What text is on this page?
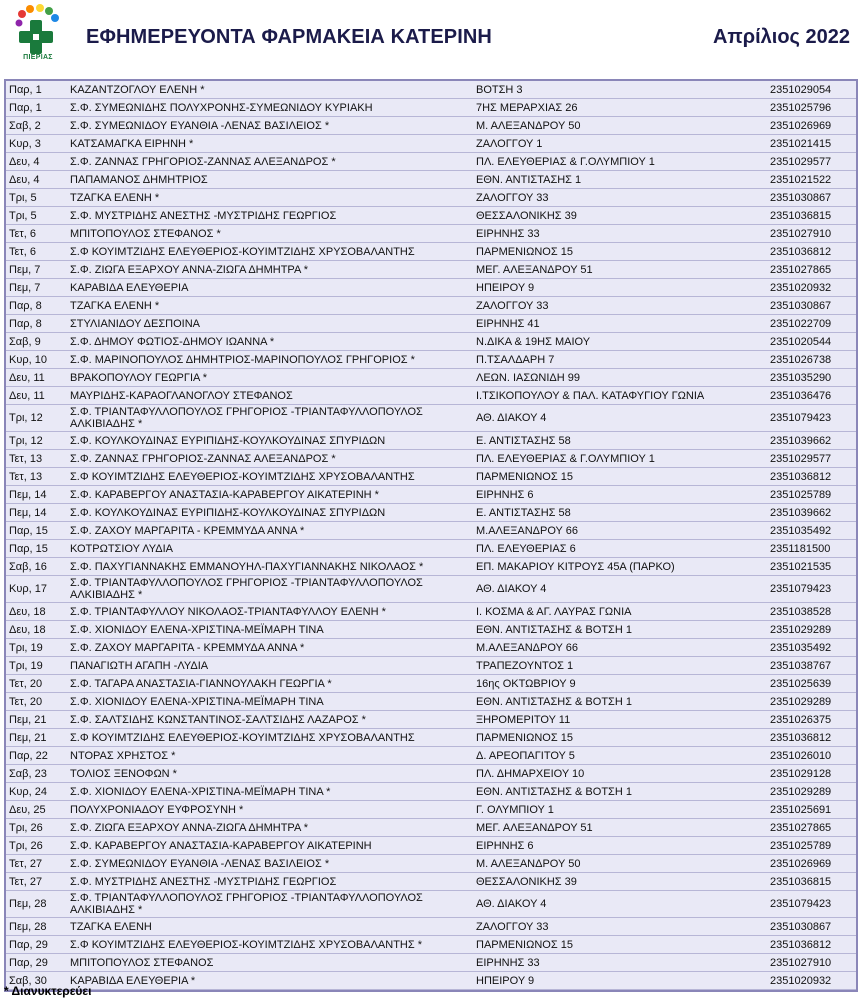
ΠΙΕΡΙΑΣ
ΕΦΗΜΕΡΕΥΟΝΤΑ ΦΑΡΜΑΚΕΙΑ ΚΑΤΕΡΙΝΗ	Απρίλιος 2022
Παρ, 1	ΚΑΖΑΝΤΖΟΓΛΟΥ ΕΛΕΝΗ *	ΒΟΤΣΗ 3	2351029054
Παρ, 1	Σ.Φ. ΣΥΜΕΩΝΙΔΗΣ ΠΟΛΥΧΡΟΝΗΣ-ΣΥΜΕΩΝΙΔΟΥ ΚΥΡΙΑΚΗ	7ΗΣ ΜΕΡΑΡΧΙΑΣ 26	2351025796
Σαβ, 2	Σ.Φ. ΣΥΜΕΩΝΙΔΟΥ ΕΥΑΝΘΙΑ -ΛΕΝΑΣ ΒΑΣΙΛΕΙΟΣ *	Μ. ΑΛΕΞΑΝΔΡΟΥ 50	2351026969
Κυρ, 3	ΚΑΤΣΑΜΑΓΚΑ ΕΙΡΗΝΗ *	ΖΑΛΟΓΓΟΥ 1	2351021415
Δευ, 4	Σ.Φ. ΖΑΝΝΑΣ ΓΡΗΓΟΡΙΟΣ-ΖΑΝΝΑΣ ΑΛΕΞΑΝΔΡΟΣ *	ΠΛ. ΕΛΕΥΘΕΡΙΑΣ & Γ.ΟΛΥΜΠΙΟΥ 1	2351029577
Δευ, 4	ΠΑΠΑΜΑΝΟΣ ΔΗΜΗΤΡΙΟΣ	ΕΘΝ. ΑΝΤΙΣΤΑΣΗΣ 1	2351021522
Τρι, 5	ΤΖΑΓΚΑ ΕΛΕΝΗ *	ΖΑΛΟΓΓΟΥ 33	2351030867
Τρι, 5	Σ.Φ. ΜΥΣΤΡΙΔΗΣ ΑΝΕΣΤΗΣ -ΜΥΣΤΡΙΔΗΣ ΓΕΩΡΓΙΟΣ	ΘΕΣΣΑΛΟΝΙΚΗΣ 39	2351036815
Τετ, 6	ΜΠΙΤΟΠΟΥΛΟΣ ΣΤΕΦΑΝΟΣ *	ΕΙΡΗΝΗΣ 33	2351027910
Τετ, 6	Σ.Φ ΚΟΥΙΜΤΖΙΔΗΣ ΕΛΕΥΘΕΡΙΟΣ-ΚΟΥΙΜΤΖΙΔΗΣ ΧΡΥΣΟΒΑΛΑΝΤΗΣ	ΠΑΡΜΕΝΙΩΝΟΣ 15	2351036812
Πεμ, 7	Σ.Φ. ΖΙΩΓΑ ΕΞΑΡΧΟΥ ΑΝΝΑ-ΖΙΩΓΑ ΔΗΜΗΤΡΑ *	ΜΕΓ. ΑΛΕΞΑΝΔΡΟΥ 51	2351027865
Πεμ, 7	ΚΑΡΑΒΙΔΑ ΕΛΕΥΘΕΡΙΑ	ΗΠΕΙΡΟΥ 9	2351020932
Παρ, 8	ΤΖΑΓΚΑ ΕΛΕΝΗ *	ΖΑΛΟΓΓΟΥ 33	2351030867
Παρ, 8	ΣΤΥΛΙΑΝΙΔΟΥ ΔΕΣΠΟΙΝΑ	ΕΙΡΗΝΗΣ 41	2351022709
Σαβ, 9	Σ.Φ. ΔΗΜΟΥ ΦΩΤΙΟΣ-ΔΗΜΟΥ ΙΩΑΝΝΑ *	Ν.ΔΙΚΑ & 19ΗΣ ΜΑΙΟΥ	2351020544
Κυρ, 10	Σ.Φ. ΜΑΡΙΝΟΠΟΥΛΟΣ ΔΗΜΗΤΡΙΟΣ-ΜΑΡΙΝΟΠΟΥΛΟΣ ΓΡΗΓΟΡΙΟΣ *	Π.ΤΣΑΛΔΑΡΗ 7	2351026738
Δευ, 11	ΒΡΑΚΟΠΟΥΛΟΥ ΓΕΩΡΓΙΑ *	ΛΕΩΝ. ΙΑΣΩΝΙΔΗ 99	2351035290
Δευ, 11	ΜΑΥΡΙΔΗΣ-ΚΑΡΑΟΓΛΑΝΟΓΛΟΥ ΣΤΕΦΑΝΟΣ	Ι.ΤΣΙΚΟΠΟΥΛΟΥ & ΠΑΛ. ΚΑΤΑΦΥΓΙΟΥ ΓΩΝΙΑ	2351036476
Τρι, 12	Σ.Φ. ΤΡΙΑΝΤΑΦΥΛΛΟΠΟΥΛΟΣ ΓΡΗΓΟΡΙΟΣ -ΤΡΙΑΝΤΑΦΥΛΛΟΠΟΥΛΟΣ ΑΛΚΙΒΙΑΔΗΣ *	ΑΘ. ΔΙΑΚΟΥ 4	2351079423
Τρι, 12	Σ.Φ. ΚΟΥΛΚΟΥΔΙΝΑΣ ΕΥΡΙΠΙΔΗΣ-ΚΟΥΛΚΟΥΔΙΝΑΣ ΣΠΥΡΙΔΩΝ	Ε. ΑΝΤΙΣΤΑΣΗΣ 58	2351039662
Τετ, 13	Σ.Φ. ΖΑΝΝΑΣ ΓΡΗΓΟΡΙΟΣ-ΖΑΝΝΑΣ ΑΛΕΞΑΝΔΡΟΣ *	ΠΛ. ΕΛΕΥΘΕΡΙΑΣ & Γ.ΟΛΥΜΠΙΟΥ 1	2351029577
Τετ, 13	Σ.Φ ΚΟΥΙΜΤΖΙΔΗΣ ΕΛΕΥΘΕΡΙΟΣ-ΚΟΥΙΜΤΖΙΔΗΣ ΧΡΥΣΟΒΑΛΑΝΤΗΣ	ΠΑΡΜΕΝΙΩΝΟΣ 15	2351036812
Πεμ, 14	Σ.Φ. ΚΑΡΑΒΕΡΓΟΥ ΑΝΑΣΤΑΣΙΑ-ΚΑΡΑΒΕΡΓΟΥ ΑΙΚΑΤΕΡΙΝΗ *	ΕΙΡΗΝΗΣ 6	2351025789
Πεμ, 14	Σ.Φ. ΚΟΥΛΚΟΥΔΙΝΑΣ ΕΥΡΙΠΙΔΗΣ-ΚΟΥΛΚΟΥΔΙΝΑΣ ΣΠΥΡΙΔΩΝ	Ε. ΑΝΤΙΣΤΑΣΗΣ 58	2351039662
Παρ, 15	Σ.Φ. ΖΑΧΟΥ ΜΑΡΓΑΡΙΤΑ - ΚΡΕΜΜΥΔΑ ΑΝΝΑ *	Μ.ΑΛΕΞΑΝΔΡΟΥ 66	2351035492
Παρ, 15	ΚΟΤΡΩΤΣΙΟΥ ΛΥΔΙΑ	ΠΛ. ΕΛΕΥΘΕΡΙΑΣ 6	2351181500
Σαβ, 16	Σ.Φ. ΠΑΧΥΓΙΑΝΝΑΚΗΣ ΕΜΜΑΝΟΥΗΛ-ΠΑΧΥΓΙΑΝΝΑΚΗΣ ΝΙΚΟΛΑΟΣ *	ΕΠ. ΜΑΚΑΡΙΟΥ ΚΙΤΡΟΥΣ 45Α (ΠΑΡΚΟ)	2351021535
Κυρ, 17	Σ.Φ. ΤΡΙΑΝΤΑΦΥΛΛΟΠΟΥΛΟΣ ΓΡΗΓΟΡΙΟΣ -ΤΡΙΑΝΤΑΦΥΛΛΟΠΟΥΛΟΣ ΑΛΚΙΒΙΑΔΗΣ *	ΑΘ. ΔΙΑΚΟΥ 4	2351079423
Δευ, 18	Σ.Φ. ΤΡΙΑΝΤΑΦΥΛΛΟΥ ΝΙΚΟΛΑΟΣ-ΤΡΙΑΝΤΑΦΥΛΛΟΥ ΕΛΕΝΗ *	Ι. ΚΟΣΜΑ & ΑΓ. ΛΑΥΡΑΣ ΓΩΝΙΑ	2351038528
Δευ, 18	Σ.Φ. ΧΙΟΝΙΔΟΥ ΕΛΕΝΑ-ΧΡΙΣΤΙΝΑ-ΜΕΪΜΑΡΗ ΤΙΝΑ	ΕΘΝ. ΑΝΤΙΣΤΑΣΗΣ & ΒΟΤΣΗ 1	2351029289
Τρι, 19	Σ.Φ. ΖΑΧΟΥ ΜΑΡΓΑΡΙΤΑ - ΚΡΕΜΜΥΔΑ ΑΝΝΑ *	Μ.ΑΛΕΞΑΝΔΡΟΥ 66	2351035492
Τρι, 19	ΠΑΝΑΓΙΩΤΗ ΑΓΑΠΗ -ΛΥΔΙΑ	ΤΡΑΠΕΖΟΥΝΤΟΣ 1	2351038767
Τετ, 20	Σ.Φ. ΤΑΓΑΡΑ ΑΝΑΣΤΑΣΙΑ-ΓΙΑΝΝΟΥΛΑΚΗ ΓΕΩΡΓΙΑ *	16ης ΟΚΤΩΒΡΙΟΥ 9	2351025639
Τετ, 20	Σ.Φ. ΧΙΟΝΙΔΟΥ ΕΛΕΝΑ-ΧΡΙΣΤΙΝΑ-ΜΕΪΜΑΡΗ ΤΙΝΑ	ΕΘΝ. ΑΝΤΙΣΤΑΣΗΣ & ΒΟΤΣΗ 1	2351029289
Πεμ, 21	Σ.Φ. ΣΑΛΤΣΙΔΗΣ ΚΩΝΣΤΑΝΤΙΝΟΣ-ΣΑΛΤΣΙΔΗΣ ΛΑΖΑΡΟΣ *	ΞΗΡΟΜΕΡΙΤΟΥ 11	2351026375
Πεμ, 21	Σ.Φ ΚΟΥΙΜΤΖΙΔΗΣ ΕΛΕΥΘΕΡΙΟΣ-ΚΟΥΙΜΤΖΙΔΗΣ ΧΡΥΣΟΒΑΛΑΝΤΗΣ	ΠΑΡΜΕΝΙΩΝΟΣ 15	2351036812
Παρ, 22	ΝΤΟΡΑΣ ΧΡΗΣΤΟΣ *	Δ. ΑΡΕΟΠΑΓΙΤΟΥ 5	2351026010
Σαβ, 23	ΤΟΛΙΟΣ ΞΕΝΟΦΩΝ *	ΠΛ. ΔΗΜΑΡΧΕΙΟΥ 10	2351029128
Κυρ, 24	Σ.Φ. ΧΙΟΝΙΔΟΥ ΕΛΕΝΑ-ΧΡΙΣΤΙΝΑ-ΜΕΪΜΑΡΗ ΤΙΝΑ *	ΕΘΝ. ΑΝΤΙΣΤΑΣΗΣ & ΒΟΤΣΗ 1	2351029289
Δευ, 25	ΠΟΛΥΧΡΟΝΙΑΔΟΥ ΕΥΦΡΟΣΥΝΗ *	Γ. ΟΛΥΜΠΙΟΥ 1	2351025691
Τρι, 26	Σ.Φ. ΖΙΩΓΑ ΕΞΑΡΧΟΥ ΑΝΝΑ-ΖΙΩΓΑ ΔΗΜΗΤΡΑ *	ΜΕΓ. ΑΛΕΞΑΝΔΡΟΥ 51	2351027865
Τρι, 26	Σ.Φ. ΚΑΡΑΒΕΡΓΟΥ ΑΝΑΣΤΑΣΙΑ-ΚΑΡΑΒΕΡΓΟΥ ΑΙΚΑΤΕΡΙΝΗ	ΕΙΡΗΝΗΣ 6	2351025789
Τετ, 27	Σ.Φ. ΣΥΜΕΩΝΙΔΟΥ ΕΥΑΝΘΙΑ -ΛΕΝΑΣ ΒΑΣΙΛΕΙΟΣ *	Μ. ΑΛΕΞΑΝΔΡΟΥ 50	2351026969
Τετ, 27	Σ.Φ. ΜΥΣΤΡΙΔΗΣ ΑΝΕΣΤΗΣ -ΜΥΣΤΡΙΔΗΣ ΓΕΩΡΓΙΟΣ	ΘΕΣΣΑΛΟΝΙΚΗΣ 39	2351036815
Πεμ, 28	Σ.Φ. ΤΡΙΑΝΤΑΦΥΛΛΟΠΟΥΛΟΣ ΓΡΗΓΟΡΙΟΣ -ΤΡΙΑΝΤΑΦΥΛΛΟΠΟΥΛΟΣ ΑΛΚΙΒΙΑΔΗΣ *	ΑΘ. ΔΙΑΚΟΥ 4	2351079423
Πεμ, 28	ΤΖΑΓΚΑ ΕΛΕΝΗ	ΖΑΛΟΓΓΟΥ 33	2351030867
Παρ, 29	Σ.Φ ΚΟΥΙΜΤΖΙΔΗΣ ΕΛΕΥΘΕΡΙΟΣ-ΚΟΥΙΜΤΖΙΔΗΣ ΧΡΥΣΟΒΑΛΑΝΤΗΣ *	ΠΑΡΜΕΝΙΩΝΟΣ 15	2351036812
Παρ, 29	ΜΠΙΤΟΠΟΥΛΟΣ ΣΤΕΦΑΝΟΣ	ΕΙΡΗΝΗΣ 33	2351027910
Σαβ, 30	ΚΑΡΑΒΙΔΑ ΕΛΕΥΘΕΡΙΑ *	ΗΠΕΙΡΟΥ 9	2351020932
* Διανυκτερεύει
